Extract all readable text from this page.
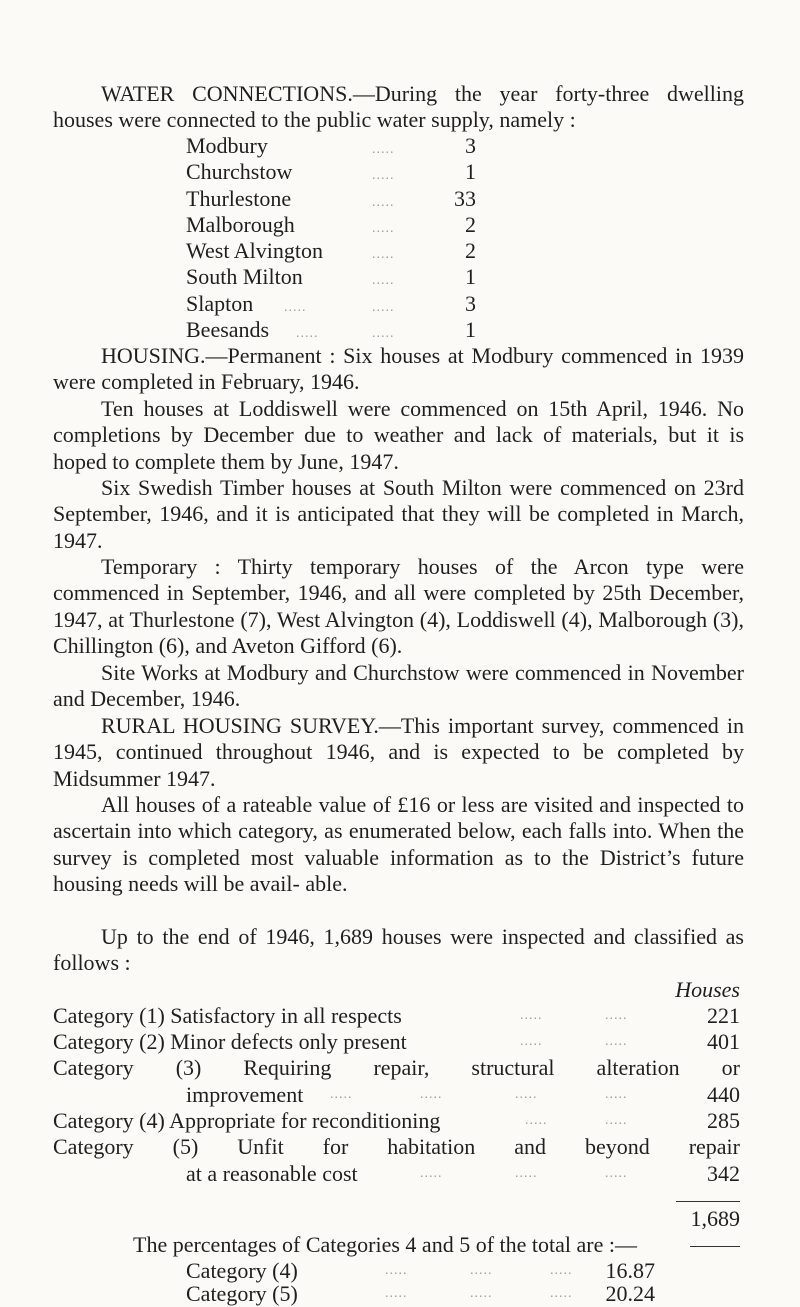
WATER CONNECTIONS.—During the year forty-three dwelling houses were connected to the public water supply, namely :

Modbury	.....	3
Churchstow	.....	1
Thurlestone	.....	33
Malborough	.....	2
West Alvington	.....	2
South Milton	.....	1
Slapton .....	.....	3
Beesands .....	.....	1

HOUSING.—Permanent : Six houses at Modbury commenced in 1939 were completed in February, 1946.

Ten houses at Loddiswell were commenced on 15th April, 1946. No completions by December due to weather and lack of materials, but it is hoped to complete them by June, 1947.

Six Swedish Timber houses at South Milton were commenced on 23rd September, 1946, and it is anticipated that they will be completed in March, 1947.

Temporary : Thirty temporary houses of the Arcon type were commenced in September, 1946, and all were completed by 25th December, 1947, at Thurlestone (7), West Alvington (4), Loddiswell (4), Malborough (3), Chillington (6), and Aveton Gifford (6).

Site Works at Modbury and Churchstow were commenced in November and December, 1946.

RURAL HOUSING SURVEY.—This important survey, commenced in 1945, continued throughout 1946, and is expected to be completed by Midsummer 1947.

All houses of a rateable value of £16 or less are visited and inspected to ascertain into which category, as enumerated below, each falls into. When the survey is completed most valuable information as to the District’s future housing needs will be avail- able.

Up to the end of 1946, 1,689 houses were inspected and classified as follows :

Houses
Category (1) Satisfactory in all respects	.....	.....	221
Category (2) Minor defects only present	.....	.....	401
Category (3) Requiring repair, structural alteration or
improvement .....	.....	.....	.....	440
Category (4) Appropriate for reconditioning	.....	.....	285
Category (5) Unfit for habitation and beyond repair
at a reasonable cost	.....	.....	.....	342
1,689
The percentages of Categories 4 and 5 of the total are :—
Category (4)	.....	.....	.....	16.87
Category (5)	.....	.....	.....	20.24
